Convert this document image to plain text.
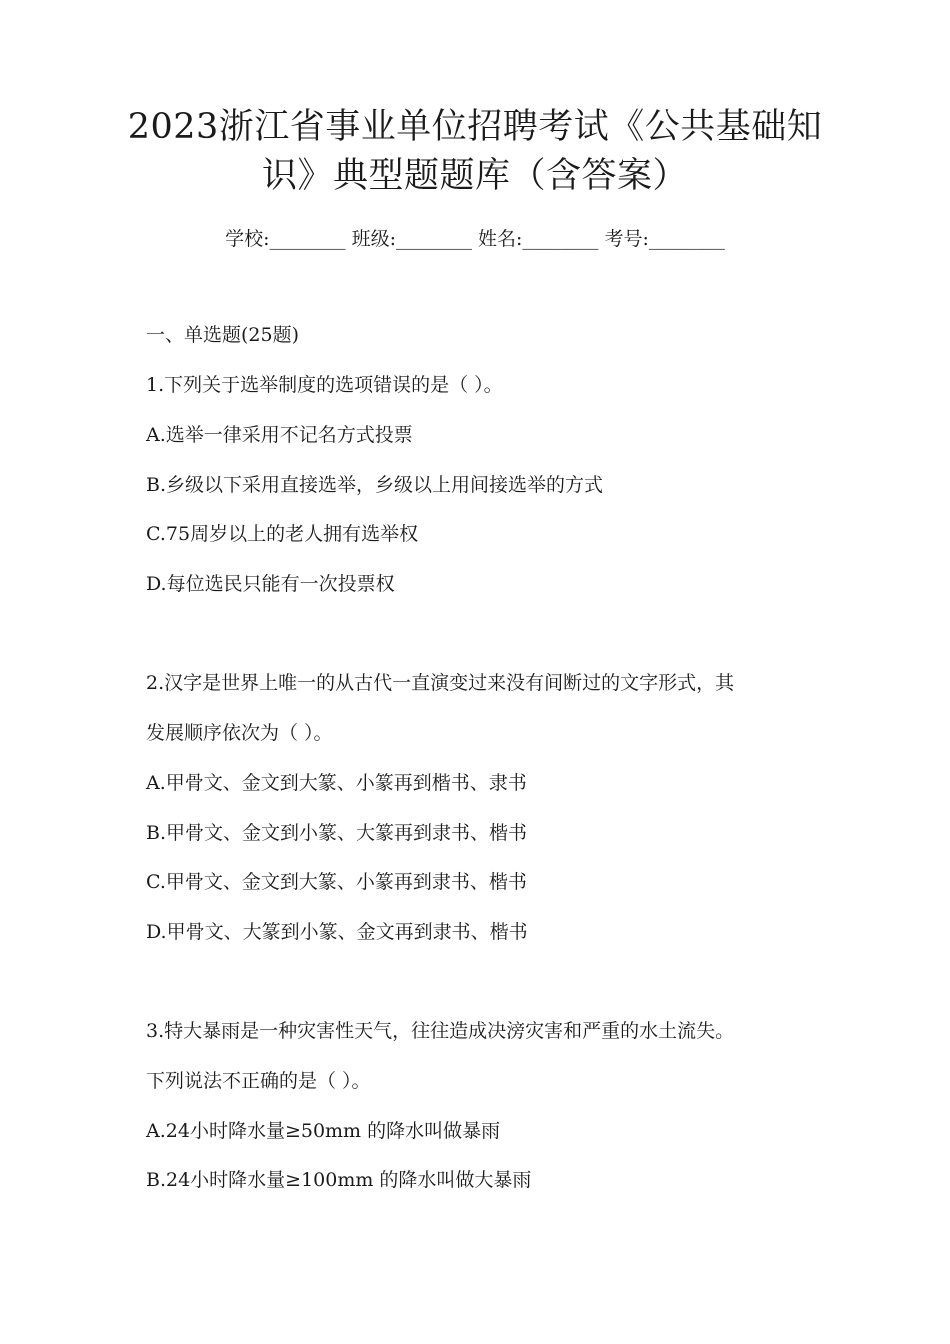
2023浙江省事业单位招聘考试《公共基础知
识》典型题题库（含答案）
学校:________ 班级:________ 姓名:________ 考号:________
一、单选题(25题)
1.下列关于选举制度的选项错误的是（ ）。
A.选举一律采用不记名方式投票
B.乡级以下采用直接选举，乡级以上用间接选举的方式
C.75周岁以上的老人拥有选举权
D.每位选民只能有一次投票权
2.汉字是世界上唯一的从古代一直演变过来没有间断过的文字形式，其
发展顺序依次为（ ）。
A.甲骨文、金文到大篆、小篆再到楷书、隶书
B.甲骨文、金文到小篆、大篆再到隶书、楷书
C.甲骨文、金文到大篆、小篆再到隶书、楷书
D.甲骨文、大篆到小篆、金文再到隶书、楷书
3.特大暴雨是一种灾害性天气，往往造成决滂灾害和严重的水土流失。
下列说法不正确的是（ ）。
A.24小时降水量≥50mm 的降水叫做暴雨
B.24小时降水量≥100mm 的降水叫做大暴雨
